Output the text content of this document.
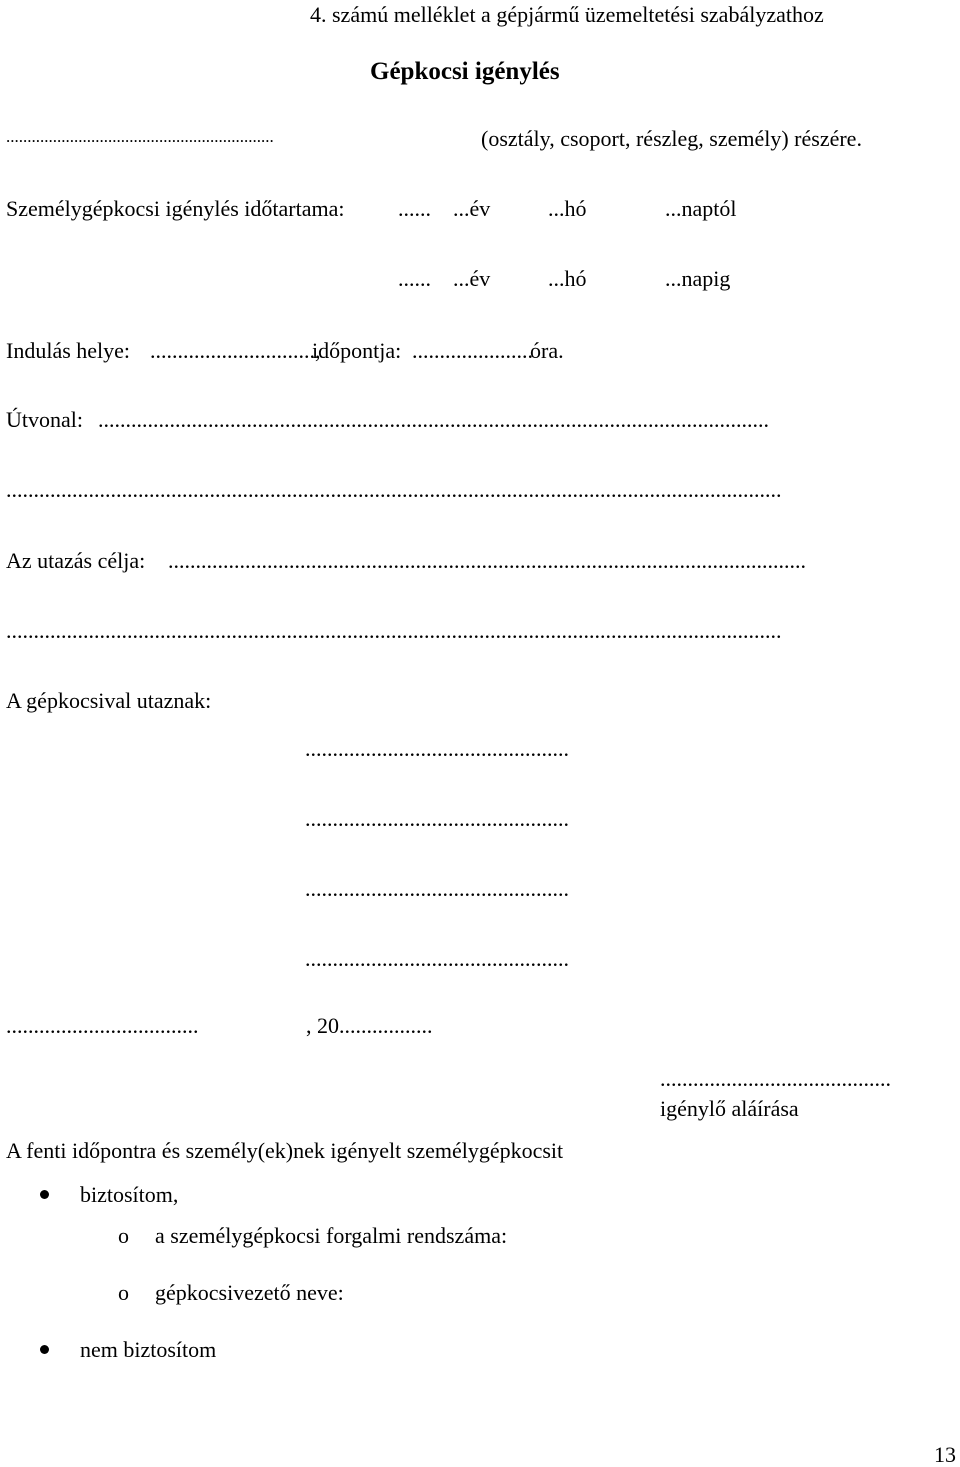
4. számú melléklet a gépjármű üzemeltetési szabályzathoz
Gépkocsi igénylés
...............................................................	(osztály, csoport, részleg, személy) részére.
Személygépkocsi igénylés időtartama: ...... ...év	...hó	...naptól
...... ...év	...hó	...napig
Indulás helye: ..............................,
időpontja: ......................
óra.
Útvonal: ..........................................................................................................................
.............................................................................................................................................
Az utazás célja: ....................................................................................................................
.............................................................................................................................................
A gépkocsival utaznak:
................................................
................................................
................................................
................................................
...................................	, 20.................
..........................................
igénylő aláírása
A fenti időpontra és személy(ek)nek igényelt személygépkocsit
biztosítom,
o a személygépkocsi forgalmi rendszáma:
o gépkocsivezető neve:
nem biztosítom
13
